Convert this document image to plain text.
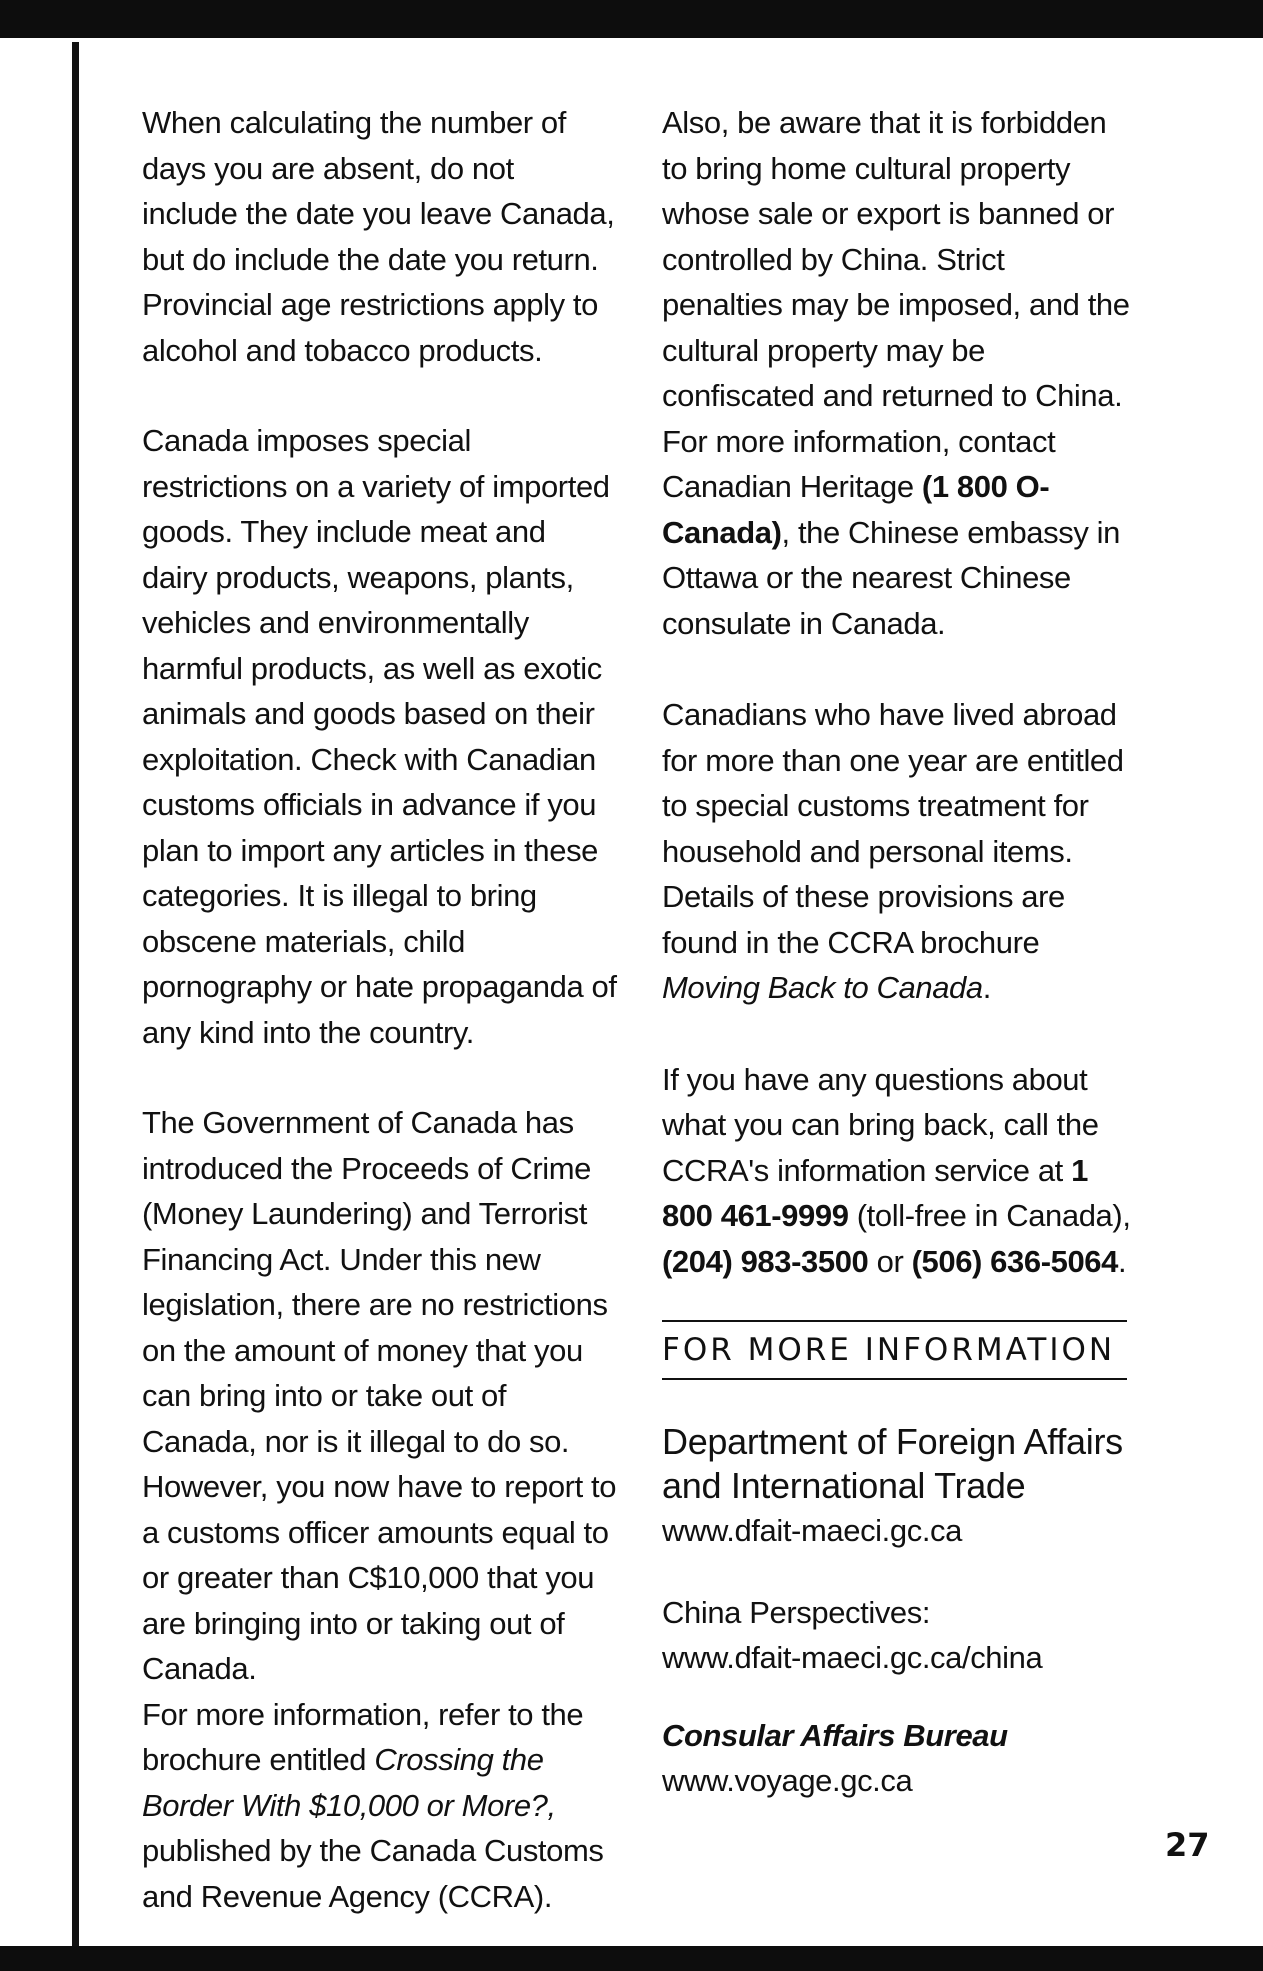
When calculating the number of days you are absent, do not include the date you leave Canada, but do include the date you return. Provincial age restrictions apply to alcohol and tobacco products.

Canada imposes special restrictions on a variety of imported goods. They include meat and dairy products, weapons, plants, vehicles and environmentally harmful products, as well as exotic animals and goods based on their exploitation. Check with Canadian customs officials in advance if you plan to import any articles in these categories. It is illegal to bring obscene materials, child pornography or hate propaganda of any kind into the country.

The Government of Canada has introduced the Proceeds of Crime (Money Laundering) and Terrorist Financing Act. Under this new legislation, there are no restrictions on the amount of money that you can bring into or take out of Canada, nor is it illegal to do so. However, you now have to report to a customs officer amounts equal to or greater than C$10,000 that you are bringing into or taking out of Canada.

For more information, refer to the brochure entitled Crossing the Border With $10,000 or More?, published by the Canada Customs and Revenue Agency (CCRA).

Also, be aware that it is forbidden to bring home cultural property whose sale or export is banned or controlled by China. Strict penalties may be imposed, and the cultural property may be confiscated and returned to China. For more information, contact Canadian Heritage (1 800 O-Canada), the Chinese embassy in Ottawa or the nearest Chinese consulate in Canada.

Canadians who have lived abroad for more than one year are entitled to special customs treatment for household and personal items. Details of these provisions are found in the CCRA brochure Moving Back to Canada.

If you have any questions about what you can bring back, call the CCRA's information service at 1 800 461-9999 (toll-free in Canada), (204) 983-3500 or (506) 636-5064.

FOR MORE INFORMATION
Department of Foreign Affairs and International Trade

www.dfait-maeci.gc.ca

China Perspectives:

www.dfait-maeci.gc.ca/china

Consular Affairs Bureau

www.voyage.gc.ca

27
